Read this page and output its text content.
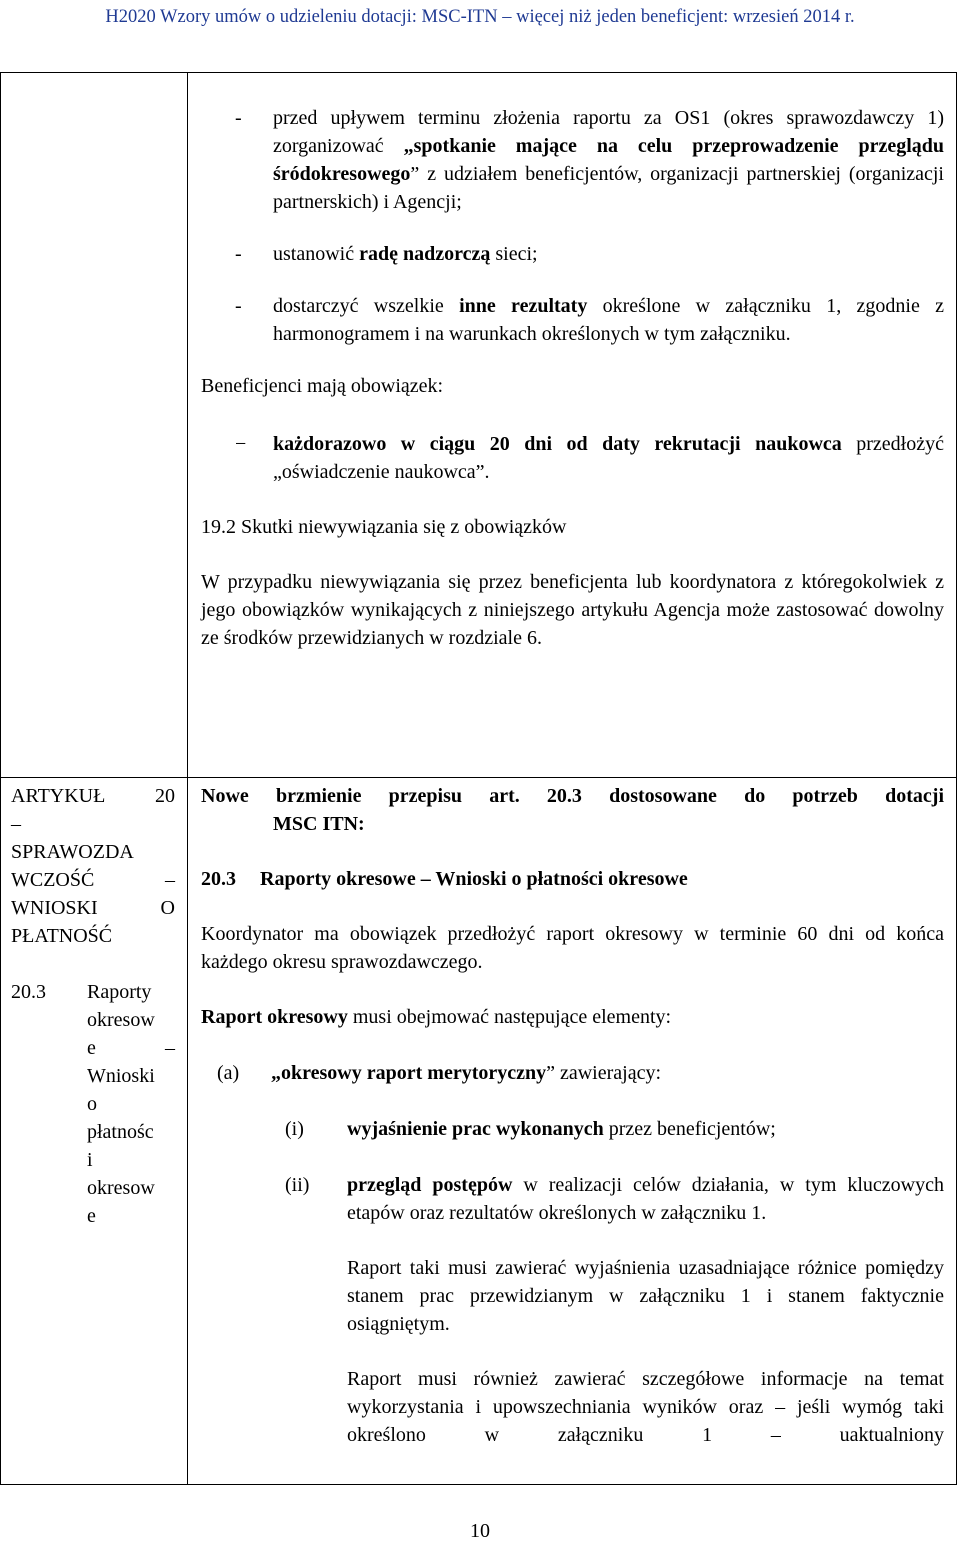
H2020 Wzory umów o udzieleniu dotacji: MSC-ITN – więcej niż jeden beneficjent: wrzesień 2014 r.

- przed upływem terminu złożenia raportu za OS1 (okres sprawozdawczy 1) zorganizować „spotkanie mające na celu przeprowadzenie przeglądu śródokresowego” z udziałem beneficjentów, organizacji partnerskiej (organizacji partnerskich) i Agencji;

- ustanowić radę nadzorczą sieci;

- dostarczyć wszelkie inne rezultaty określone w załączniku 1, zgodnie z harmonogramem i na warunkach określonych w tym załączniku.

Beneficjenci mają obowiązek:

− każdorazowo w ciągu 20 dni od daty rekrutacji naukowca przedłożyć „oświadczenie naukowca”.

19.2 Skutki niewywiązania się z obowiązków

W przypadku niewywiązania się przez beneficjenta lub koordynatora z któregokolwiek z jego obowiązków wynikających z niniejszego artykułu Agencja może zastosować dowolny ze środków przewidzianych w rozdziale 6.

ARTYKUŁ 20
–
SPRAWOZDA
WCZOŚĆ –
WNIOSKI O
PŁATNOŚĆ
20.3 Raporty
okresow
e –
Wnioski
o
płatnośc
i
okresow
e

Nowe brzmienie przepisu art. 20.3 dostosowane do potrzeb dotacji
MSC ITN:

20.3 Raporty okresowe – Wnioski o płatności okresowe

Koordynator ma obowiązek przedłożyć raport okresowy w terminie 60 dni od końca każdego okresu sprawozdawczego.

Raport okresowy musi obejmować następujące elementy:

(a) „okresowy raport merytoryczny” zawierający:

(i) wyjaśnienie prac wykonanych przez beneficjentów;

(ii) przegląd postępów w realizacji celów działania, w tym kluczowych etapów oraz rezultatów określonych w załączniku 1.

Raport taki musi zawierać wyjaśnienia uzasadniające różnice pomiędzy stanem prac przewidzianym w załączniku 1 i stanem faktycznie osiągniętym.

Raport musi również zawierać szczegółowe informacje na temat wykorzystania i upowszechniania wyników oraz – jeśli wymóg taki określono w załączniku 1 – uaktualniony

10
